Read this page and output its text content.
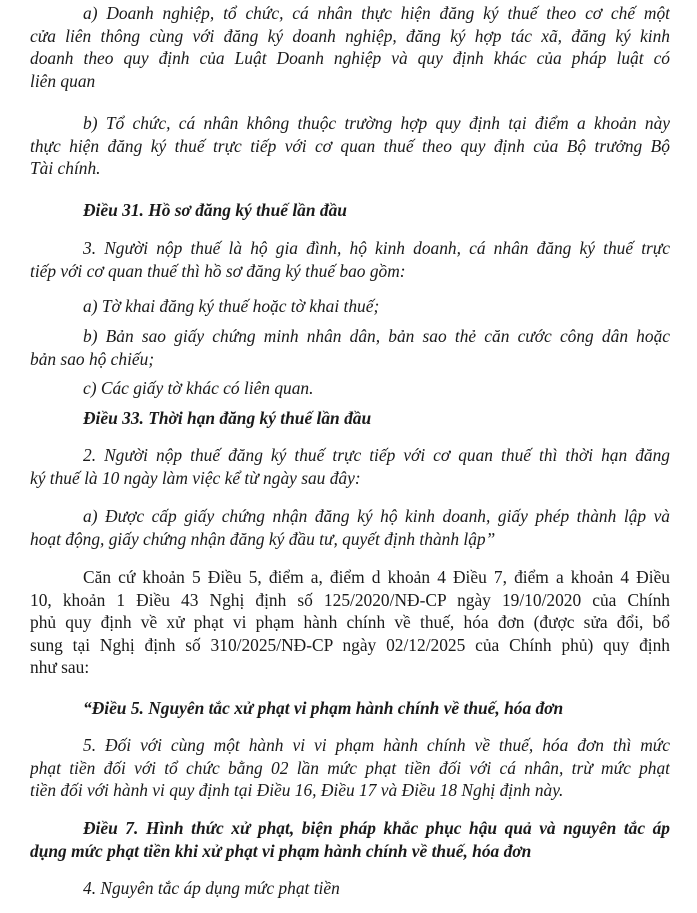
a) Doanh nghiệp, tổ chức, cá nhân thực hiện đăng ký thuế theo cơ chế một
cửa liên thông cùng với đăng ký doanh nghiệp, đăng ký hợp tác xã, đăng ký kinh
doanh theo quy định của Luật Doanh nghiệp và quy định khác của pháp luật có
liên quan
b) Tổ chức, cá nhân không thuộc trường hợp quy định tại điểm a khoản này
thực hiện đăng ký thuế trực tiếp với cơ quan thuế theo quy định của Bộ trưởng Bộ
Tài chính.
Điều 31. Hồ sơ đăng ký thuế lần đầu
3. Người nộp thuế là hộ gia đình, hộ kinh doanh, cá nhân đăng ký thuế trực
tiếp với cơ quan thuế thì hồ sơ đăng ký thuế bao gồm:
a) Tờ khai đăng ký thuế hoặc tờ khai thuế;
b) Bản sao giấy chứng minh nhân dân, bản sao thẻ căn cước công dân hoặc
bản sao hộ chiếu;
c) Các giấy tờ khác có liên quan.
Điều 33. Thời hạn đăng ký thuế lần đầu
2. Người nộp thuế đăng ký thuế trực tiếp với cơ quan thuế thì thời hạn đăng
ký thuế là 10 ngày làm việc kể từ ngày sau đây:
a) Được cấp giấy chứng nhận đăng ký hộ kinh doanh, giấy phép thành lập và
hoạt động, giấy chứng nhận đăng ký đầu tư, quyết định thành lập”
Căn cứ khoản 5 Điều 5, điểm a, điểm d khoản 4 Điều 7, điểm a khoản 4 Điều
10, khoản 1 Điều 43 Nghị định số 125/2020/NĐ-CP ngày 19/10/2020 của Chính
phủ quy định về xử phạt vi phạm hành chính về thuế, hóa đơn (được sửa đổi, bổ
sung tại Nghị định số 310/2025/NĐ-CP ngày 02/12/2025 của Chính phủ) quy định
như sau:
“Điều 5. Nguyên tắc xử phạt vi phạm hành chính về thuế, hóa đơn
5. Đối với cùng một hành vi vi phạm hành chính về thuế, hóa đơn thì mức
phạt tiền đối với tổ chức bằng 02 lần mức phạt tiền đối với cá nhân, trừ mức phạt
tiền đối với hành vi quy định tại Điều 16, Điều 17 và Điều 18 Nghị định này.
Điều 7. Hình thức xử phạt, biện pháp khắc phục hậu quả và nguyên tắc áp
dụng mức phạt tiền khi xử phạt vi phạm hành chính về thuế, hóa đơn
4. Nguyên tắc áp dụng mức phạt tiền
